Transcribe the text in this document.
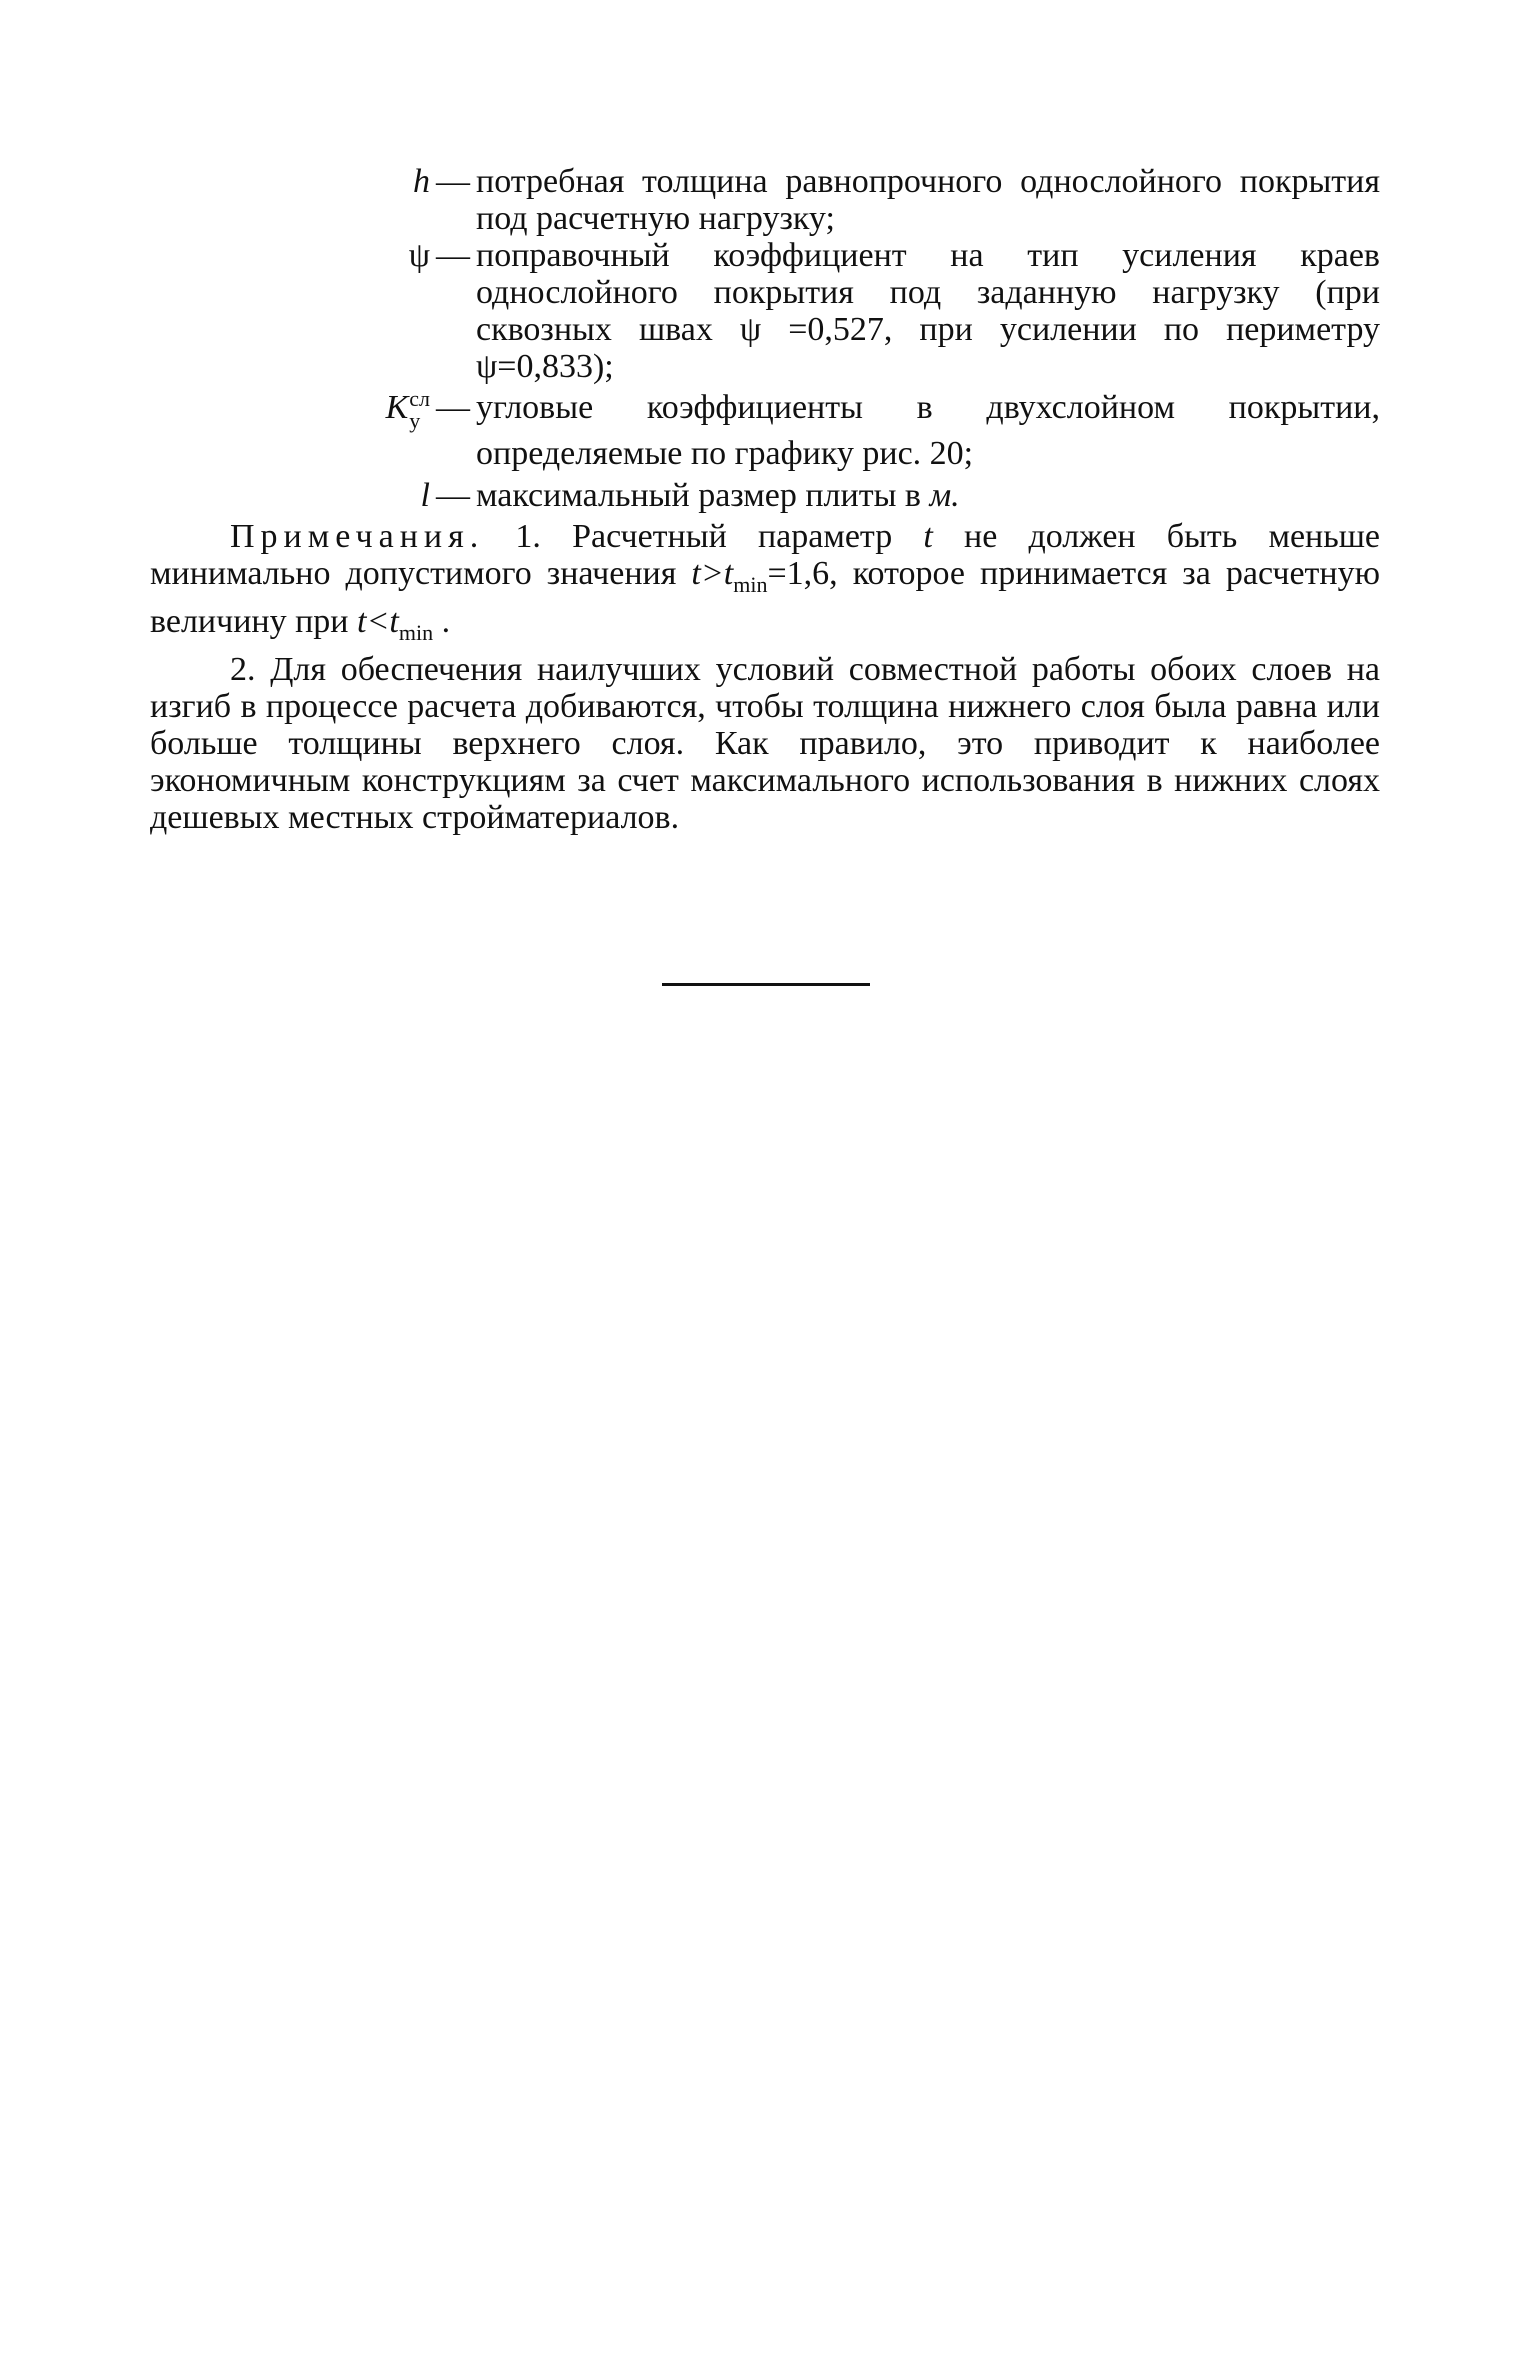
h — потребная толщина равнопрочного однослойного покрытия под расчетную нагрузку;
ψ — поправочный коэффициент на тип усиления краев однослойного покрытия под заданную нагрузку (при сквозных швах ψ =0,527, при усилении по периметру ψ=0,833);
K сл
у — угловые коэффициенты в двухслойном покрытии, определяемые по графику рис. 20;
l — максимальный размер плиты в м.

Примечания. 1. Расчетный параметр t не должен быть меньше минимально допустимого значения $t>t_{min}=1,6$, которое принимается за расчетную величину при $t<t_{min}$ .

2. Для обеспечения наилучших условий совместной работы обоих слоев на изгиб в процессе расчета добиваются, чтобы толщина нижнего слоя была равна или больше толщины верхнего слоя. Как правило, это приводит к наиболее экономичным конструкциям за счет максимального использования в нижних слоях дешевых местных стройматериалов.
